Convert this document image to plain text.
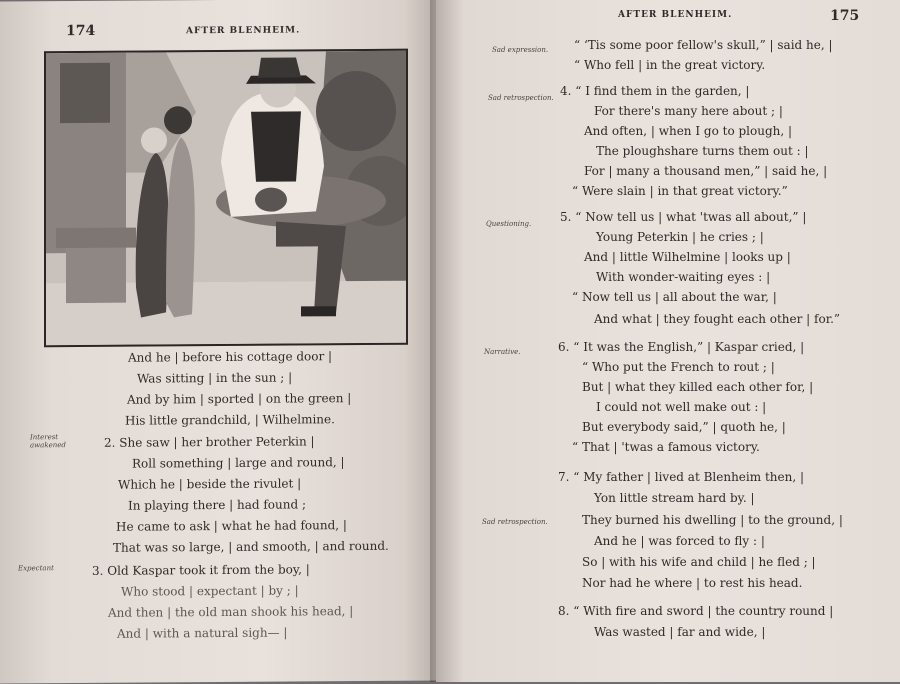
174	AFTER BLENHEIM.
And he | before his cottage door |
Was sitting | in the sun ; |
And by him | sported | on the green |
His little grandchild, | Wilhelmine.
Interest awakened	2. She saw | her brother Peterkin |
Roll something | large and round, |
Which he | beside the rivulet |
In playing there | had found ;
He came to ask | what he had found, |
That was so large, | and smooth, | and round.
Expectant	3. Old Kaspar took it from the boy, |
Who stood | expectant | by ; |
And then | the old man shook his head, |
And | with a natural sigh— |
AFTER BLENHEIM.	175
Sad expression. “ ‘Tis some poor fellow's skull,” | said he, |
“ Who fell | in the great victory.
Sad retrospection. 4. “ I find them in the garden, |
For there's many here about ; |
And often, | when I go to plough, |
The ploughshare turns them out : |
For | many a thousand men,” | said he, |
“ Were slain | in that great victory.”
Questioning. 5. “ Now tell us | what 'twas all about,” |
Young Peterkin | he cries ; |
And | little Wilhelmine | looks up |
With wonder-waiting eyes : |
“ Now tell us | all about the war, |
And what | they fought each other | for.”
Narrative.	6. “ It was the English,” | Kaspar cried, |
“ Who put the French to rout ; |
But | what they killed each other for, |
I could not well make out : |
But everybody said,” | quoth he, |
“ That | 'twas a famous victory.
7. “ My father | lived at Blenheim then, |
Yon little stream hard by. |
Sad retrospection.	They burned his dwelling | to the ground, |
And he | was forced to fly : |
So | with his wife and child | he fled ; |
Nor had he where | to rest his head.
8. “ With fire and sword | the country round |
Was wasted | far and wide, |
